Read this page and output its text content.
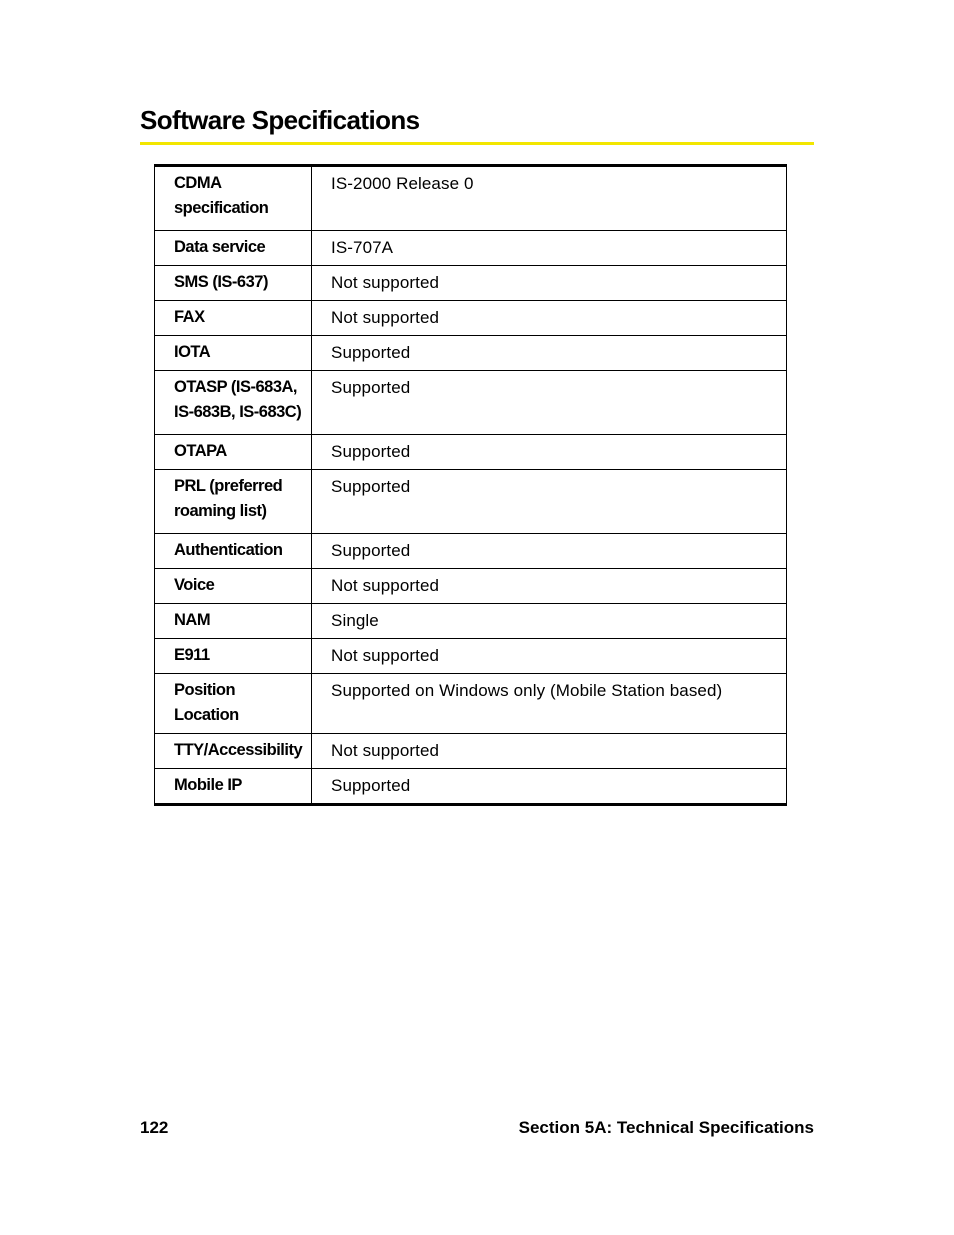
Software Specifications
CDMA specification	IS-2000 Release 0
Data service	IS-707A
SMS (IS-637)	Not supported
FAX	Not supported
IOTA	Supported
OTASP (IS-683A, IS-683B, IS-683C)	Supported
OTAPA	Supported
PRL (preferred roaming list)	Supported
Authentication	Supported
Voice	Not supported
NAM	Single
E911	Not supported
Position Location	Supported on Windows only (Mobile Station based)
TTY/Accessibility	Not supported
Mobile IP	Supported
122	Section 5A: Technical Specifications
